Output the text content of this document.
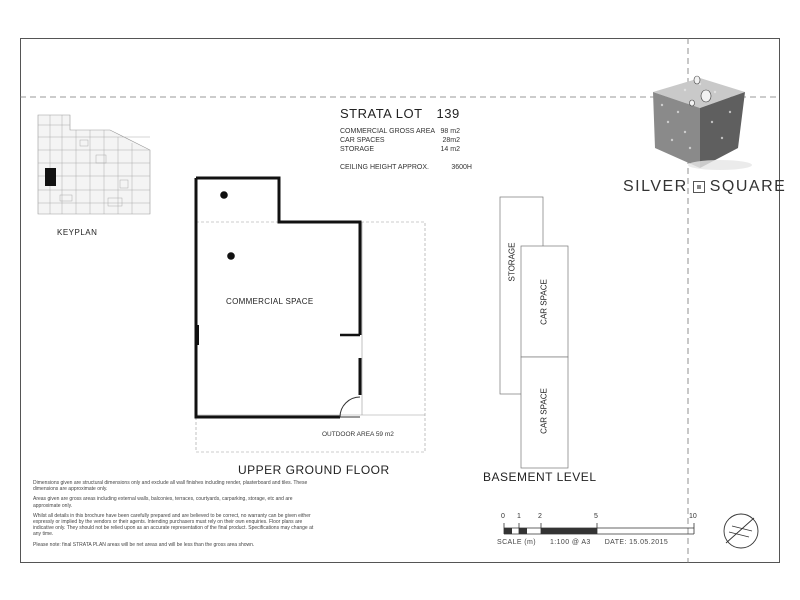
STRATA LOT 139
COMMERCIAL GROSS AREA 98 m2
CAR SPACES	28m2
STORAGE	14 m2
CEILING HEIGHT APPROX.	3600H
KEYPLAN
SILVER SQUARE
COMMERCIAL SPACE
OUTDOOR AREA 59 m2
UPPER GROUND FLOOR
STORAGE
CAR SPACE
CAR SPACE
BASEMENT LEVEL
0 1 2	5	10
SCALE (m) 1:100 @ A3 DATE: 15.05.2015

Dimensions given are structural dimensions only and exclude all wall finishes including render, plasterboard and tiles. These dimensions are approximate only.

Areas given are gross areas including external walls, balconies, terraces, courtyards, carparking, storage, etc and are approximate only.

Whilst all details in this brochure have been carefully prepared and are believed to be correct, no warranty can be given either expressly or implied by the vendors or their agents. Intending purchasers must rely on their own enquiries. Floor plans are indicative only. They should not be relied upon as an accurate representation of the final product. Specifications may change at any time.

Please note: final STRATA PLAN areas will be net areas and will be less than the gross area shown.
